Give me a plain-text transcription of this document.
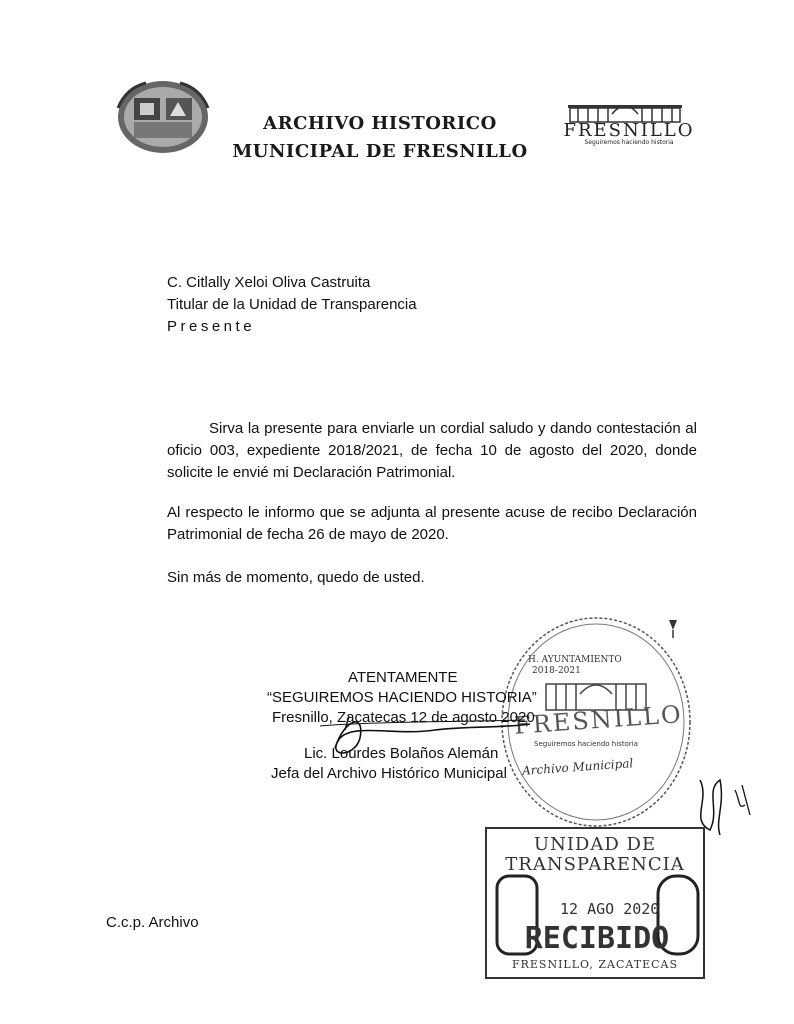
ARCHIVO HISTORICO
MUNICIPAL DE FRESNILLO
FRESNILLO
Seguiremos haciendo historia
C. Citlally Xeloi Oliva Castruita
Titular de la Unidad de Transparencia
Presente
Sirva la presente para enviarle un cordial saludo y dando contestación al oficio 003, expediente 2018/2021, de fecha 10 de agosto del 2020, donde solicite le envié mi Declaración Patrimonial.
Al respecto le informo que se adjunta al presente acuse de recibo Declaración Patrimonial de fecha 26 de mayo de 2020.
Sin más de momento, quedo de usted.
H. AYUNTAMIENTO
2018-2021
FRESNILLO
Seguiremos haciendo historia
Archivo Municipal
ATENTAMENTE
“SEGUIREMOS HACIENDO HISTORIA”
Fresnillo, Zacatecas 12 de agosto 2020
Lic. Lourdes Bolaños Alemán
Jefa del Archivo Histórico Municipal
UNIDAD DE
TRANSPARENCIA
RECIBIDO
12 AGO 2020
FRESNILLO, ZACATECAS
C.c.p. Archivo
